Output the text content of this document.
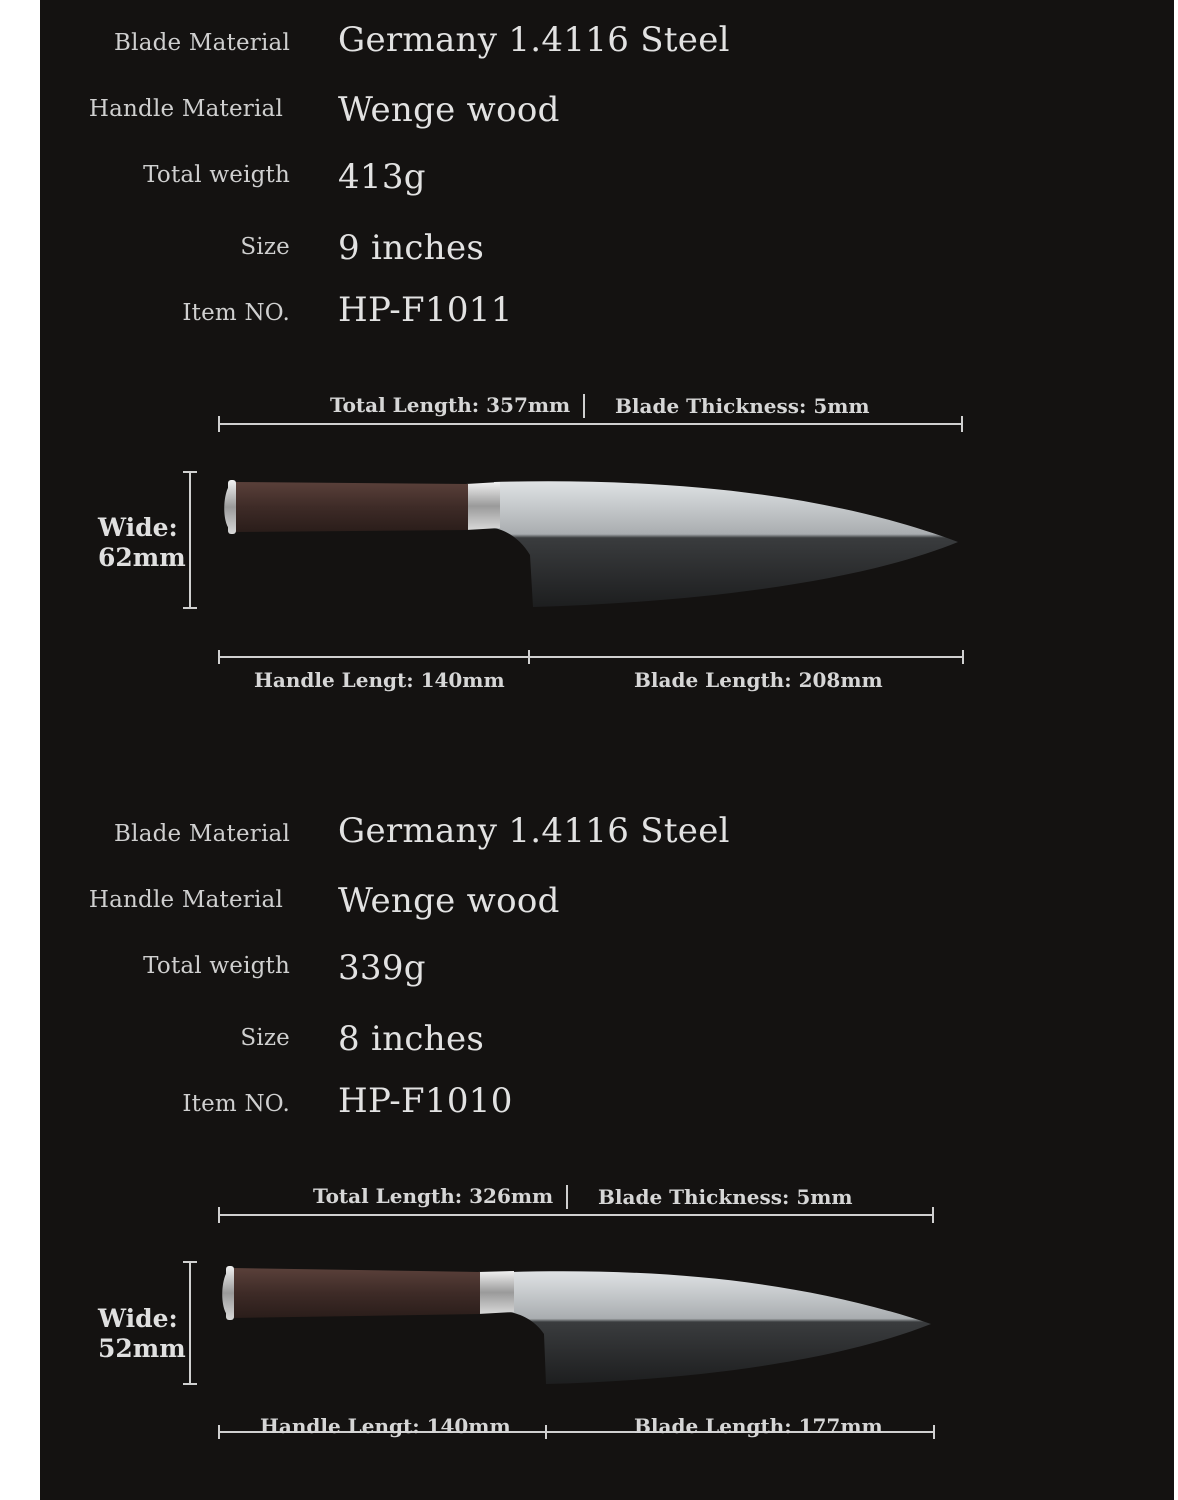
Blade Material Germany 1.4116 Steel
Handle Material Wenge wood
Total weigth 413g
Size 9 inches
Item NO. HP-F1011
Total Length: 357mm Blade Thickness: 5mm
Wide:
62mm
Handle Lengt: 140mm	Blade Length: 208mm
Blade Material Germany 1.4116 Steel
Handle Material Wenge wood
Total weigth 339g
Size 8 inches
Item NO. HP-F1010
Total Length: 326mm Blade Thickness: 5mm
Wide:
52mm
Handle Lengt: 140mm	Blade Length: 177mm
